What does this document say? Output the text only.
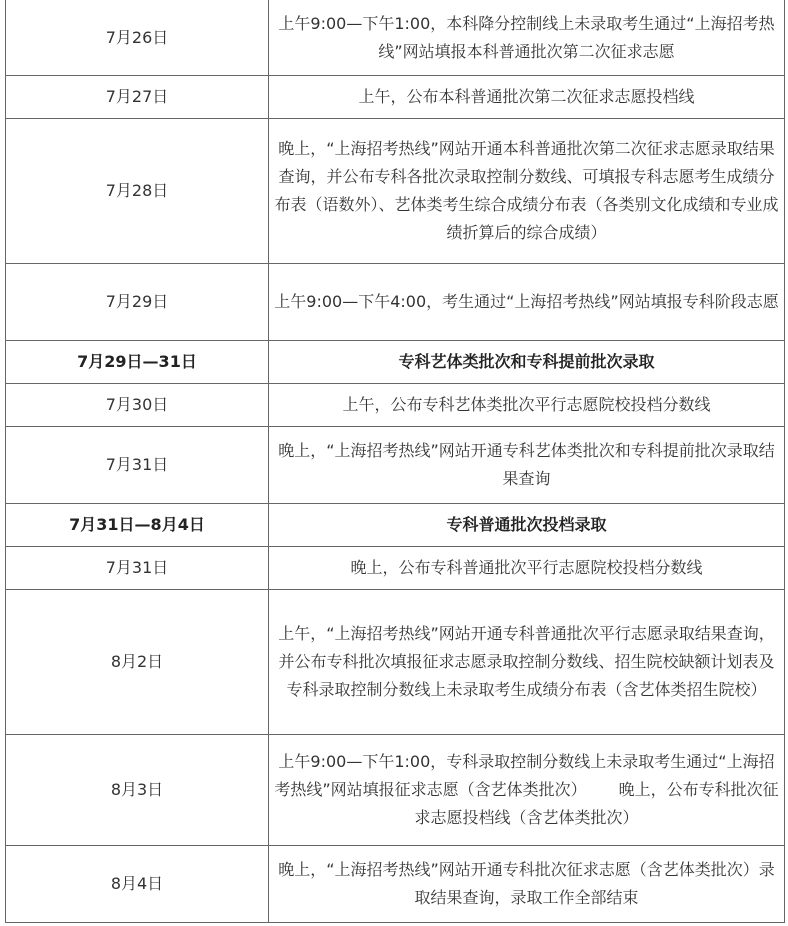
7月26日	上午9:00—下午1:00，本科降分控制线上未录取考生通过“上海招考热线”网站填报本科普通批次第二次征求志愿
7月27日	上午，公布本科普通批次第二次征求志愿投档线
7月28日	晚上，“上海招考热线”网站开通本科普通批次第二次征求志愿录取结果查询，并公布专科各批次录取控制分数线、可填报专科志愿考生成绩分布表（语数外）、艺体类考生综合成绩分布表（各类别文化成绩和专业成绩折算后的综合成绩）
7月29日	上午9:00—下午4:00，考生通过“上海招考热线”网站填报专科阶段志愿
7月29日—31日	专科艺体类批次和专科提前批次录取
7月30日	上午，公布专科艺体类批次平行志愿院校投档分数线
7月31日	晚上，“上海招考热线”网站开通专科艺体类批次和专科提前批次录取结果查询
7月31日—8月4日	专科普通批次投档录取
7月31日	晚上，公布专科普通批次平行志愿院校投档分数线
8月2日	上午，“上海招考热线”网站开通专科普通批次平行志愿录取结果查询，并公布专科批次填报征求志愿录取控制分数线、招生院校缺额计划表及专科录取控制分数线上未录取考生成绩分布表（含艺体类招生院校）
8月3日	上午9:00—下午1:00，专科录取控制分数线上未录取考生通过“上海招考热线”网站填报征求志愿（含艺体类批次） 晚上，公布专科批次征求志愿投档线（含艺体类批次）
8月4日	晚上，“上海招考热线”网站开通专科批次征求志愿（含艺体类批次）录取结果查询，录取工作全部结束
